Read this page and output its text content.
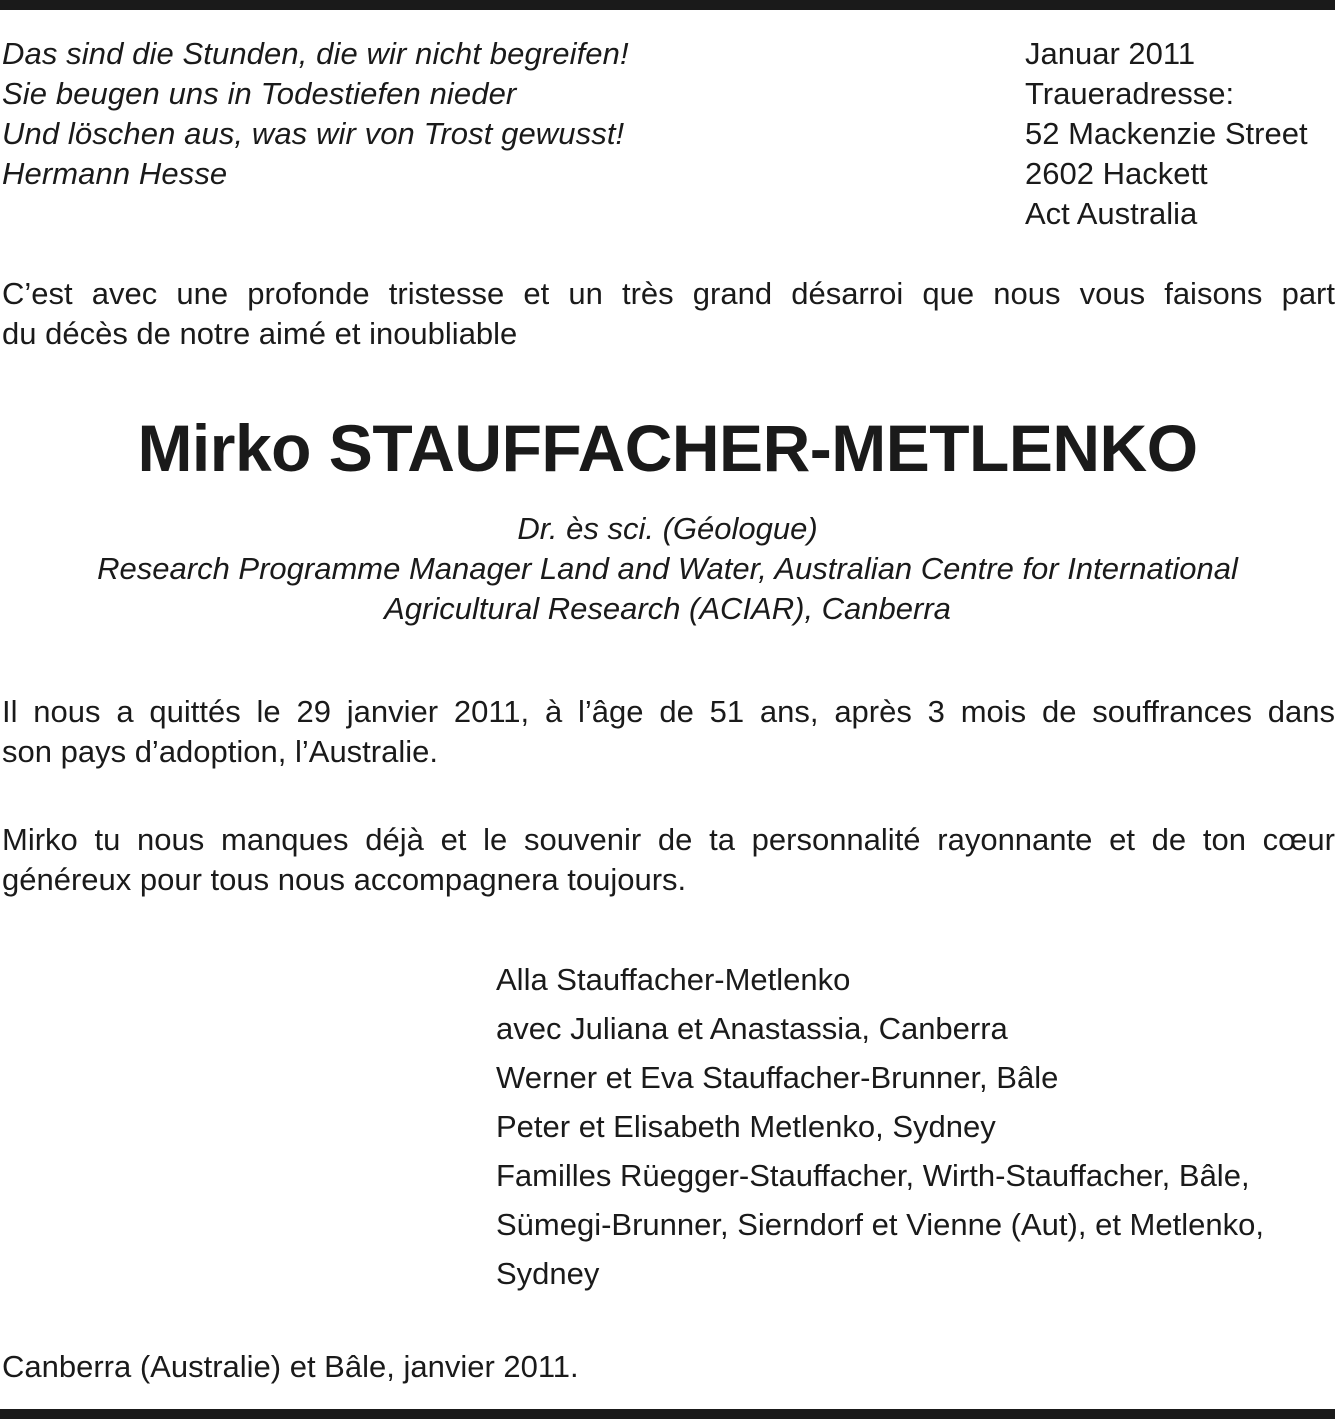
Das sind die Stunden, die wir nicht begreifen!
Sie beugen uns in Todestiefen nieder
Und löschen aus, was wir von Trost gewusst!
Hermann Hesse
Januar 2011
Traueradresse:
52 Mackenzie Street
2602 Hackett
Act Australia
C’est avec une profonde tristesse et un très grand désarroi que nous vous faisons part
du décès de notre aimé et inoubliable
Mirko STAUFFACHER-METLENKO
Dr. ès sci. (Géologue)
Research Programme Manager Land and Water, Australian Centre for International
Agricultural Research (ACIAR), Canberra
Il nous a quittés le 29 janvier 2011, à l’âge de 51 ans, après 3 mois de souffrances dans
son pays d’adoption, l’Australie.
Mirko tu nous manques déjà et le souvenir de ta personnalité rayonnante et de ton cœur
généreux pour tous nous accompagnera toujours.
Alla Stauffacher-Metlenko
avec Juliana et Anastassia, Canberra
Werner et Eva Stauffacher-Brunner, Bâle
Peter et Elisabeth Metlenko, Sydney
Familles Rüegger-Stauffacher, Wirth-Stauffacher, Bâle,
Sümegi-Brunner, Sierndorf et Vienne (Aut), et Metlenko,
Sydney
Canberra (Australie) et Bâle, janvier 2011.
